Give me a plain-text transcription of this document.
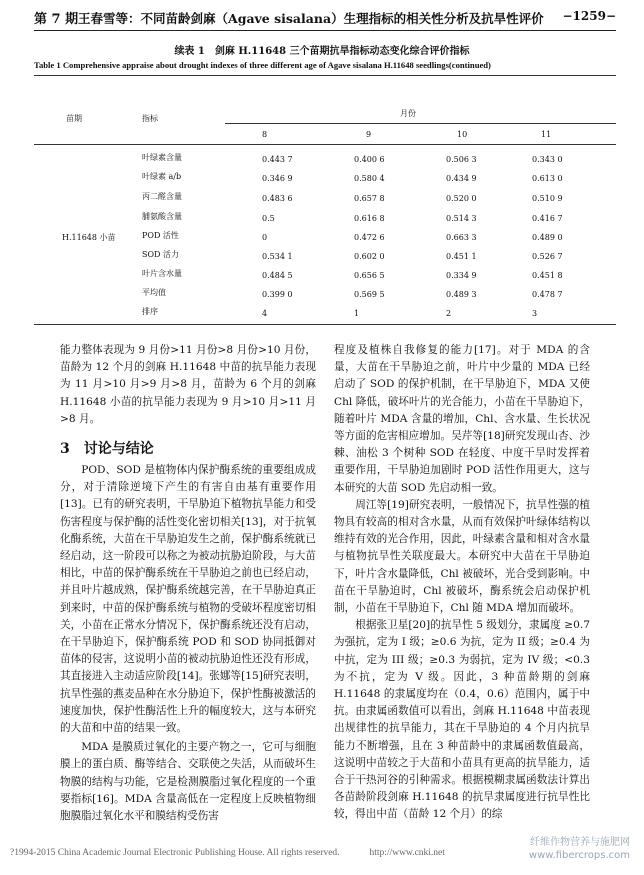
第 7 期 王春雪等：不同苗龄剑麻（Agave sisalana）生理指标的相关性分析及抗旱性评价 −1259−
续表 1　剑麻 H.11648 三个苗期抗旱指标动态变化综合评价指标
Table 1 Comprehensive appraise about drought indexes of three different age of Agave sisalana H.11648 seedlings(continued)
苗期	指标
月份
8	9	10	11
H.11648 小苗
叶绿素含量	0.443 7	0.400 6	0.506 3	0.343 0
叶绿素 a/b	0.346 9	0.580 4	0.434 9	0.613 0
丙二醛含量	0.483 6	0.657 8	0.520 0	0.510 9
脯氨酸含量	0.5	0.616 8	0.514 3	0.416 7
POD 活性	0	0.472 6	0.663 3	0.489 0
SOD 活力	0.534 1	0.602 0	0.451 1	0.526 7
叶片含水量	0.484 5	0.656 5	0.334 9	0.451 8
平均值	0.399 0	0.569 5	0.489 3	0.478 7
排序	4	1	2	3

能力整体表现为 9 月份>11 月份>8 月份>10 月份，苗龄为 12 个月的剑麻 H.11648 中苗的抗旱能力表现为 11 月>10 月>9 月>8 月，苗龄为 6 个月的剑麻 H.11648 小苗的抗旱能力表现为 9 月>10 月>11 月>8 月。

3　讨论与结论

POD、SOD 是植物体内保护酶系统的重要组成成分，对于清除逆境下产生的有害自由基有重要作用[13]。已有的研究表明，干旱胁迫下植物抗旱能力和受伤害程度与保护酶的活性变化密切相关[13]，对于抗氧化酶系统，大苗在干旱胁迫发生之前，保护酶系统就已经启动，这一阶段可以称之为被动抗胁迫阶段，与大苗相比，中苗的保护酶系统在干旱胁迫之前也已经启动，并且叶片越成熟，保护酶系统越完善，在干旱胁迫真正到来时，中苗的保护酶系统与植物的受破坏程度密切相关，小苗在正常水分情况下，保护酶系统还没有启动，在干旱胁迫下，保护酶系统 POD 和 SOD 协同抵御对苗体的侵害，这说明小苗的被动抗胁迫性还没有形成，其直接进入主动适应阶段[14]。张娜等[15]研究表明，抗旱性强的燕麦品种在水分胁迫下，保护性酶被激活的速度加快，保护性酶活性上升的幅度较大，这与本研究的大苗和中苗的结果一致。

MDA 是膜质过氧化的主要产物之一，它可与细胞膜上的蛋白质、酶等结合、交联使之失活，从而破坏生物膜的结构与功能，它是检测膜脂过氧化程度的一个重要指标[16]。MDA 含量高低在一定程度上反映植物细胞膜脂过氧化水平和膜结构受伤害

程度及植株自我修复的能力[17]。对于 MDA 的含量，大苗在干旱胁迫之前，叶片中少量的 MDA 已经启动了 SOD 的保护机制，在干旱胁迫下，MDA 又使 Chl 降低，破坏叶片的光合能力，小苗在干旱胁迫下，随着叶片 MDA 含量的增加，Chl、含水量、生长状况等方面的危害相应增加。吴芹等[18]研究发现山杏、沙棘、油松 3 个树种 SOD 在轻度、中度干旱时发挥着重要作用，干旱胁迫加剧时 POD 活性作用更大，这与本研究的大苗 SOD 先启动相一致。

周江等[19]研究表明，一般情况下，抗旱性强的植物具有较高的相对含水量，从而有效保护叶绿体结构以维持有效的光合作用，因此，叶绿素含量和相对含水量与植物抗旱性关联度最大。本研究中大苗在干旱胁迫下，叶片含水量降低，Chl 被破坏，光合受到影响。中苗在干旱胁迫时，Chl 被破坏，酶系统会启动保护机制，小苗在干旱胁迫下，Chl 随 MDA 增加而破坏。

根据张卫星[20]的抗旱性 5 级划分，隶属度 ≥0.7 为强抗，定为 I 级；≥0.6 为抗，定为 II 级；≥0.4 为中抗，定为 III 级；≥0.3 为弱抗，定为 IV 级；<0.3 为不抗，定为 V 级。因此，3 种苗龄期的剑麻 H.11648 的隶属度均在（0.4，0.6）范围内，属于中抗。由隶属函数值可以看出，剑麻 H.11648 中苗表现出规律性的抗旱能力，其在干旱胁迫的 4 个月内抗旱能力不断增强，且在 3 种苗龄中的隶属函数值最高，这说明中苗较之于大苗和小苗具有更高的抗旱能力，适合于干热河谷的引种需求。根据模糊隶属函数法计算出各苗龄阶段剑麻 H.11648 的抗旱隶属度进行抗旱性比较，得出中苗（苗龄 12 个月）的综

?1994-2015 China Academic Journal Electronic Publishing House. All rights reserved.	http://www.cnki.net
纤维作物营养与施肥网
www.fibercrops.com
